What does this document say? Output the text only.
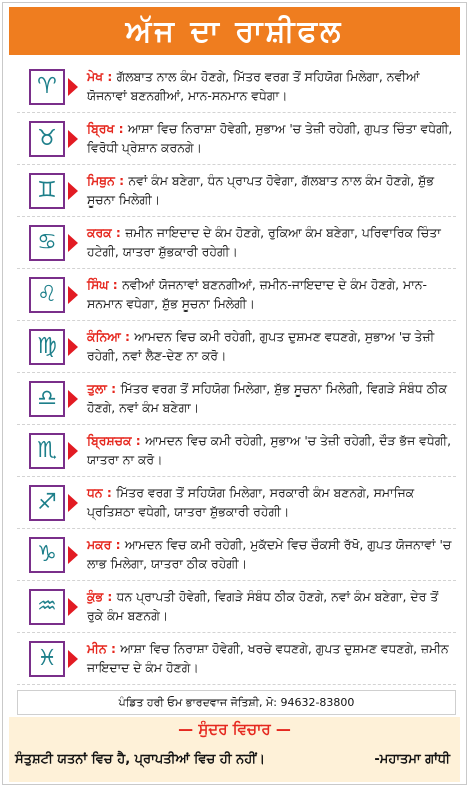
ਅੱਜ ਦਾ ਰਾਸ਼ੀਫਲ
♈ ਮੇਖ : ਗੱਲਬਾਤ ਨਾਲ ਕੰਮ ਹੋਣਗੇ, ਮਿੱਤਰ ਵਰਗ ਤੋਂ ਸਹਿਯੋਗ ਮਿਲੇਗਾ, ਨਵੀਆਂ ਯੋਜਨਾਵਾਂ ਬਣਨਗੀਆਂ, ਮਾਨ-ਸਨਮਾਨ ਵਧੇਗਾ।
♉ ਬ੍ਰਿਖ : ਆਸ਼ਾ ਵਿਚ ਨਿਰਾਸ਼ਾ ਹੋਵੇਗੀ, ਸੁਭਾਅ 'ਚ ਤੇਜ਼ੀ ਰਹੇਗੀ, ਗੁਪਤ ਚਿੰਤਾ ਵਧੇਗੀ, ਵਿਰੋਧੀ ਪ੍ਰੇਸ਼ਾਨ ਕਰਨਗੇ।
♊ ਮਿਥੁਨ : ਨਵਾਂ ਕੰਮ ਬਣੇਗਾ, ਧੰਨ ਪ੍ਰਾਪਤ ਹੋਵੇਗਾ, ਗੱਲਬਾਤ ਨਾਲ ਕੰਮ ਹੋਣਗੇ, ਸ਼ੁੱਭ ਸੂਚਨਾ ਮਿਲੇਗੀ।
♋ ਕਰਕ : ਜ਼ਮੀਨ ਜਾਇਦਾਦ ਦੇ ਕੰਮ ਹੋਣਗੇ, ਰੁਕਿਆ ਕੰਮ ਬਣੇਗਾ, ਪਰਿਵਾਰਿਕ ਚਿੰਤਾ ਹਟੇਗੀ, ਯਾਤਰਾ ਸ਼ੁੱਭਕਾਰੀ ਰਹੇਗੀ।
♌ ਸਿੰਘ : ਨਵੀਆਂ ਯੋਜਨਾਵਾਂ ਬਣਨਗੀਆਂ, ਜ਼ਮੀਨ-ਜਾਇਦਾਦ ਦੇ ਕੰਮ ਹੋਣਗੇ, ਮਾਨ-ਸਨਮਾਨ ਵਧੇਗਾ, ਸ਼ੁੱਭ ਸੂਚਨਾ ਮਿਲੇਗੀ।
♍ ਕੰਨਿਆ : ਆਮਦਨ ਵਿਚ ਕਮੀ ਰਹੇਗੀ, ਗੁਪਤ ਦੁਸ਼ਮਣ ਵਧਣਗੇ, ਸੁਭਾਅ 'ਚ ਤੇਜ਼ੀ ਰਹੇਗੀ, ਨਵਾਂ ਲੈਣ-ਦੇਣ ਨਾ ਕਰੋ।
♎ ਤੁਲਾ : ਮਿੱਤਰ ਵਰਗ ਤੋਂ ਸਹਿਯੋਗ ਮਿਲੇਗਾ, ਸ਼ੁੱਭ ਸੂਚਨਾ ਮਿਲੇਗੀ, ਵਿਗੜੇ ਸੰਬੰਧ ਠੀਕ ਹੋਣਗੇ, ਨਵਾਂ ਕੰਮ ਬਣੇਗਾ।
♏ ਬ੍ਰਿਸ਼ਚਕ : ਆਮਦਨ ਵਿਚ ਕਮੀ ਰਹੇਗੀ, ਸੁਭਾਅ 'ਚ ਤੇਜ਼ੀ ਰਹੇਗੀ, ਦੌੜ ਭੱਜ ਵਧੇਗੀ, ਯਾਤਰਾ ਨਾ ਕਰੋ।
♐ ਧਨ : ਮਿੱਤਰ ਵਰਗ ਤੋਂ ਸਹਿਯੋਗ ਮਿਲੇਗਾ, ਸਰਕਾਰੀ ਕੰਮ ਬਣਨਗੇ, ਸਮਾਜਿਕ ਪ੍ਰਤਿਸ਼ਠਾ ਵਧੇਗੀ, ਯਾਤਰਾ ਸ਼ੁੱਭਕਾਰੀ ਰਹੇਗੀ।
♑ ਮਕਰ : ਆਮਦਨ ਵਿਚ ਕਮੀ ਰਹੇਗੀ, ਮੁਕੱਦਮੇ ਵਿਚ ਚੌਕਸੀ ਰੱਖੋ, ਗੁਪਤ ਯੋਜਨਾਵਾਂ 'ਚ ਲਾਭ ਮਿਲੇਗਾ, ਯਾਤਰਾ ਠੀਕ ਰਹੇਗੀ।
♒ ਕੁੰਭ : ਧਨ ਪ੍ਰਾਪਤੀ ਹੋਵੇਗੀ, ਵਿਗੜੇ ਸੰਬੰਧ ਠੀਕ ਹੋਣਗੇ, ਨਵਾਂ ਕੰਮ ਬਣੇਗਾ, ਦੇਰ ਤੋਂ ਰੁਕੇ ਕੰਮ ਬਣਨਗੇ।
♓ ਮੀਨ : ਆਸ਼ਾ ਵਿਚ ਨਿਰਾਸ਼ਾ ਹੋਵੇਗੀ, ਖਰਚੇ ਵਧਣਗੇ, ਗੁਪਤ ਦੁਸ਼ਮਣ ਵਧਣਗੇ, ਜ਼ਮੀਨ ਜਾਇਦਾਦ ਦੇ ਕੰਮ ਹੋਣਗੇ।
ਪੰਡਿਤ ਹਰੀ ਓਮ ਭਾਰਦਵਾਜ ਜੋਤਿਸ਼ੀ, ਮੋ: 94632-83800
— ਸੁੰਦਰ ਵਿਚਾਰ —
ਸੰਤੁਸ਼ਟੀ ਯਤਨਾਂ ਵਿਚ ਹੈ, ਪ੍ਰਾਪਤੀਆਂ ਵਿਚ ਹੀ ਨਹੀਂ।	-ਮਹਾਤਮਾ ਗਾਂਧੀ
